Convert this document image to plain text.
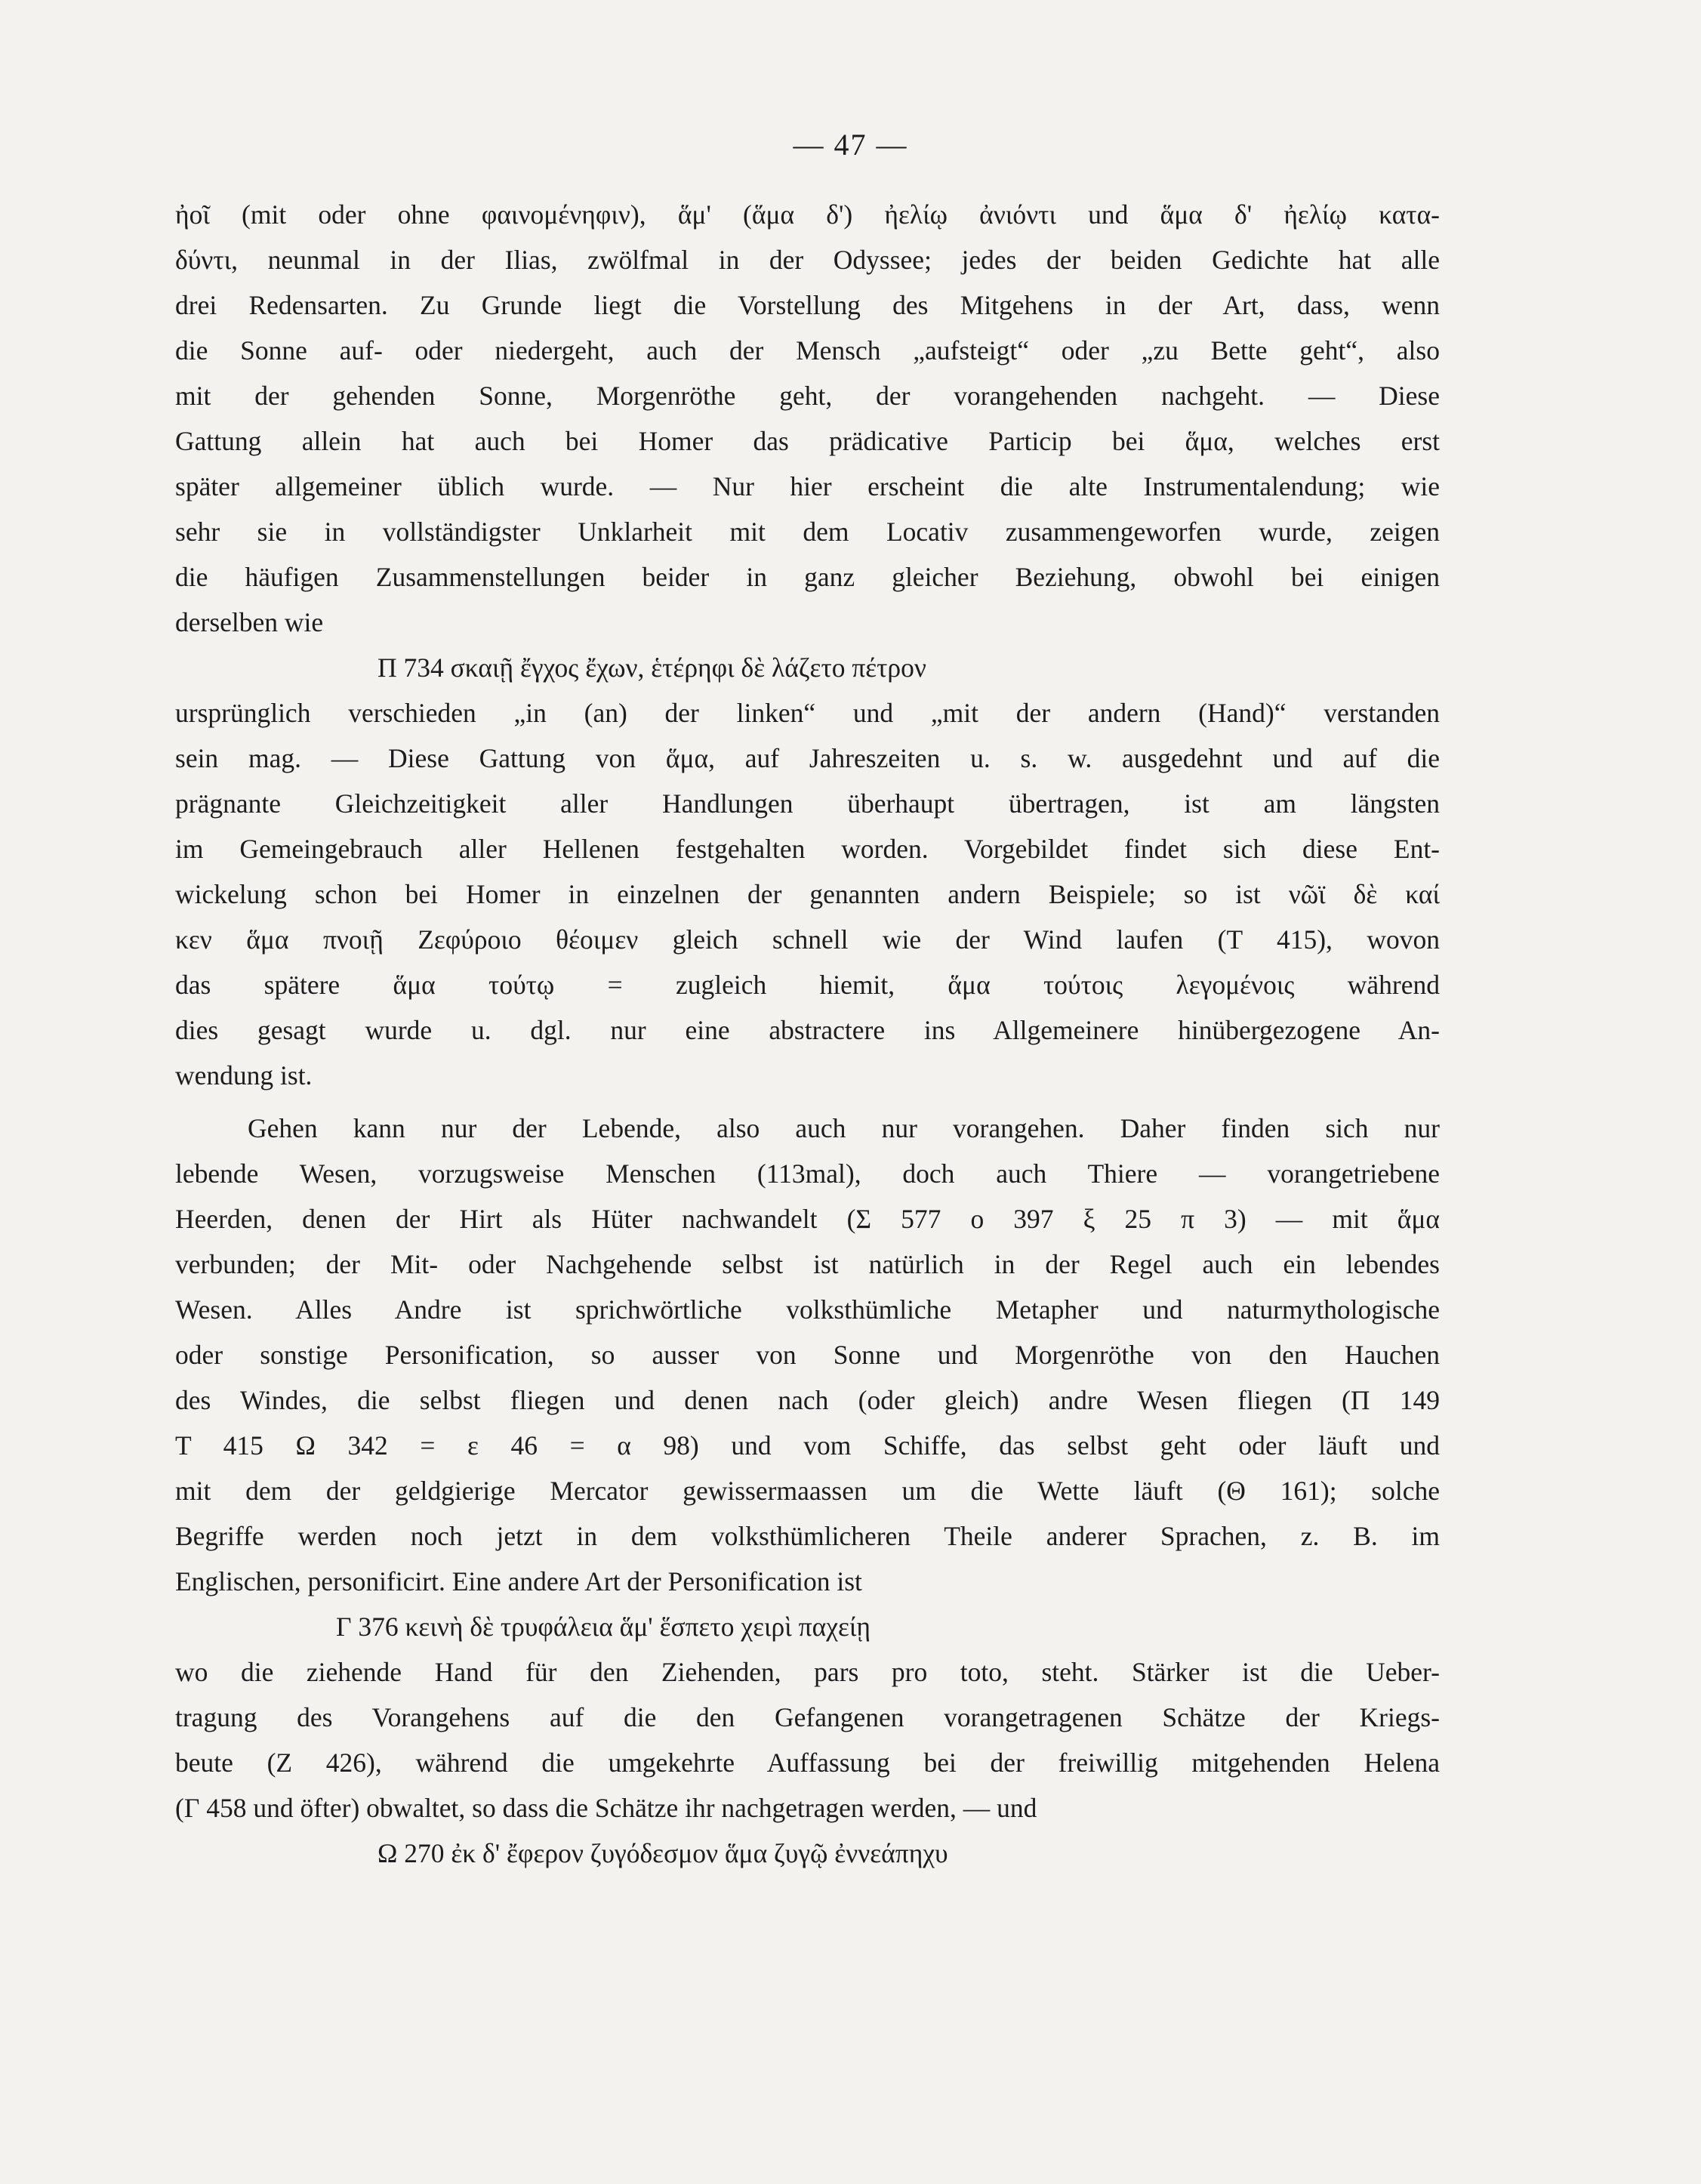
— 47 —
ἠοῖ (mit oder ohne φαινομένηφιν), ἅμ' (ἅμα δ') ἠελίῳ ἀνιόντι und ἅμα δ' ἠελίῳ κατα-
δύντι, neunmal in der Ilias, zwölfmal in der Odyssee; jedes der beiden Gedichte hat alle
drei Redensarten. Zu Grunde liegt die Vorstellung des Mitgehens in der Art, dass, wenn
die Sonne auf- oder niedergeht, auch der Mensch „aufsteigt“ oder „zu Bette geht“, also
mit der gehenden Sonne, Morgenröthe geht, der vorangehenden nachgeht. — Diese
Gattung allein hat auch bei Homer das prädicative Particip bei ἅμα, welches erst
später allgemeiner üblich wurde. — Nur hier erscheint die alte Instrumentalendung; wie
sehr sie in vollständigster Unklarheit mit dem Locativ zusammengeworfen wurde, zeigen
die häufigen Zusammenstellungen beider in ganz gleicher Beziehung, obwohl bei einigen
derselben wie
Π 734 σκαιῇ ἔγχος ἔχων, ἑτέρηφι δὲ λάζετο πέτρον
ursprünglich verschieden „in (an) der linken“ und „mit der andern (Hand)“ verstanden
sein mag. — Diese Gattung von ἅμα, auf Jahreszeiten u. s. w. ausgedehnt und auf die
prägnante Gleichzeitigkeit aller Handlungen überhaupt übertragen, ist am längsten
im Gemeingebrauch aller Hellenen festgehalten worden. Vorgebildet findet sich diese Ent-
wickelung schon bei Homer in einzelnen der genannten andern Beispiele; so ist νῶϊ δὲ καί
κεν ἅμα πνοιῇ Ζεφύροιο θέοιμεν gleich schnell wie der Wind laufen (Τ 415), wovon
das spätere ἅμα τούτῳ = zugleich hiemit, ἅμα τούτοις λεγομένοις während
dies gesagt wurde u. dgl. nur eine abstractere ins Allgemeinere hinübergezogene An-
wendung ist.
Gehen kann nur der Lebende, also auch nur vorangehen. Daher finden sich nur
lebende Wesen, vorzugsweise Menschen (113mal), doch auch Thiere — vorangetriebene
Heerden, denen der Hirt als Hüter nachwandelt (Σ 577 ο 397 ξ 25 π 3) — mit ἅμα
verbunden; der Mit- oder Nachgehende selbst ist natürlich in der Regel auch ein lebendes
Wesen. Alles Andre ist sprichwörtliche volksthümliche Metapher und naturmythologische
oder sonstige Personification, so ausser von Sonne und Morgenröthe von den Hauchen
des Windes, die selbst fliegen und denen nach (oder gleich) andre Wesen fliegen (Π 149
Τ 415 Ω 342 = ε 46 = α 98) und vom Schiffe, das selbst geht oder läuft und
mit dem der geldgierige Mercator gewissermaassen um die Wette läuft (Θ 161); solche
Begriffe werden noch jetzt in dem volksthümlicheren Theile anderer Sprachen, z. B. im
Englischen, personificirt. Eine andere Art der Personification ist
Γ 376 κεινὴ δὲ τρυφάλεια ἅμ' ἕσπετο χειρὶ παχείῃ
wo die ziehende Hand für den Ziehenden, pars pro toto, steht. Stärker ist die Ueber-
tragung des Vorangehens auf die den Gefangenen vorangetragenen Schätze der Kriegs-
beute (Ζ 426), während die umgekehrte Auffassung bei der freiwillig mitgehenden Helena
(Γ 458 und öfter) obwaltet, so dass die Schätze ihr nachgetragen werden, — und
Ω 270 ἐκ δ' ἔφερον ζυγόδεσμον ἅμα ζυγῷ ἐννεάπηχυ
